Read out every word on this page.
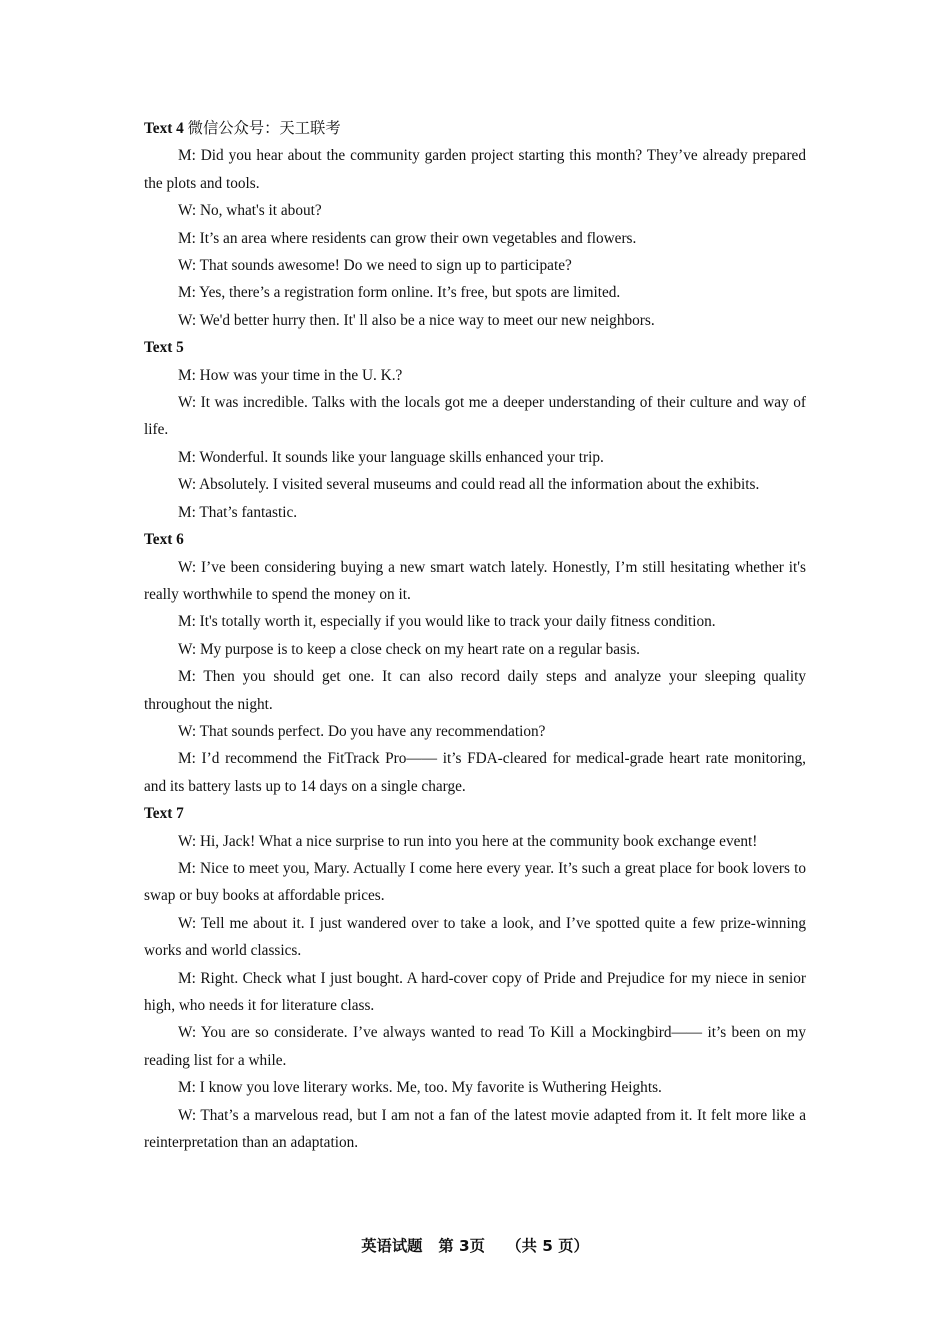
Text 4 微信公众号：天工联考

M: Did you hear about the community garden project starting this month? They’ve already prepared the plots and tools.

W: No, what's it about?

M: It’s an area where residents can grow their own vegetables and flowers.

W: That sounds awesome! Do we need to sign up to participate?

M: Yes, there’s a registration form online. It’s free, but spots are limited.

W: We'd better hurry then. It' ll also be a nice way to meet our new neighbors.

Text 5

M: How was your time in the U. K.?

W: It was incredible. Talks with the locals got me a deeper understanding of their culture and way of life.

M: Wonderful. It sounds like your language skills enhanced your trip.

W: Absolutely. I visited several museums and could read all the information about the exhibits.

M: That’s fantastic.

Text 6

W: I’ve been considering buying a new smart watch lately. Honestly, I’m still hesitating whether it's really worthwhile to spend the money on it.

M: It's totally worth it, especially if you would like to track your daily fitness condition.

W: My purpose is to keep a close check on my heart rate on a regular basis.

M: Then you should get one. It can also record daily steps and analyze your sleeping quality throughout the night.

W: That sounds perfect. Do you have any recommendation?

M: I’d recommend the FitTrack Pro—— it’s FDA-cleared for medical-grade heart rate monitoring, and its battery lasts up to 14 days on a single charge.

Text 7

W: Hi, Jack! What a nice surprise to run into you here at the community book exchange event!

M: Nice to meet you, Mary. Actually I come here every year. It’s such a great place for book lovers to swap or buy books at affordable prices.

W: Tell me about it. I just wandered over to take a look, and I’ve spotted quite a few prize-winning works and world classics.

M: Right. Check what I just bought. A hard-cover copy of Pride and Prejudice for my niece in senior high, who needs it for literature class.

W: You are so considerate. I’ve always wanted to read To Kill a Mockingbird—— it’s been on my reading list for a while.

M: I know you love literary works. Me, too. My favorite is Wuthering Heights.

W: That’s a marvelous read, but I am not a fan of the latest movie adapted from it. It felt more like a reinterpretation than an adaptation.

英语试题 第 3页 （共 5 页）
